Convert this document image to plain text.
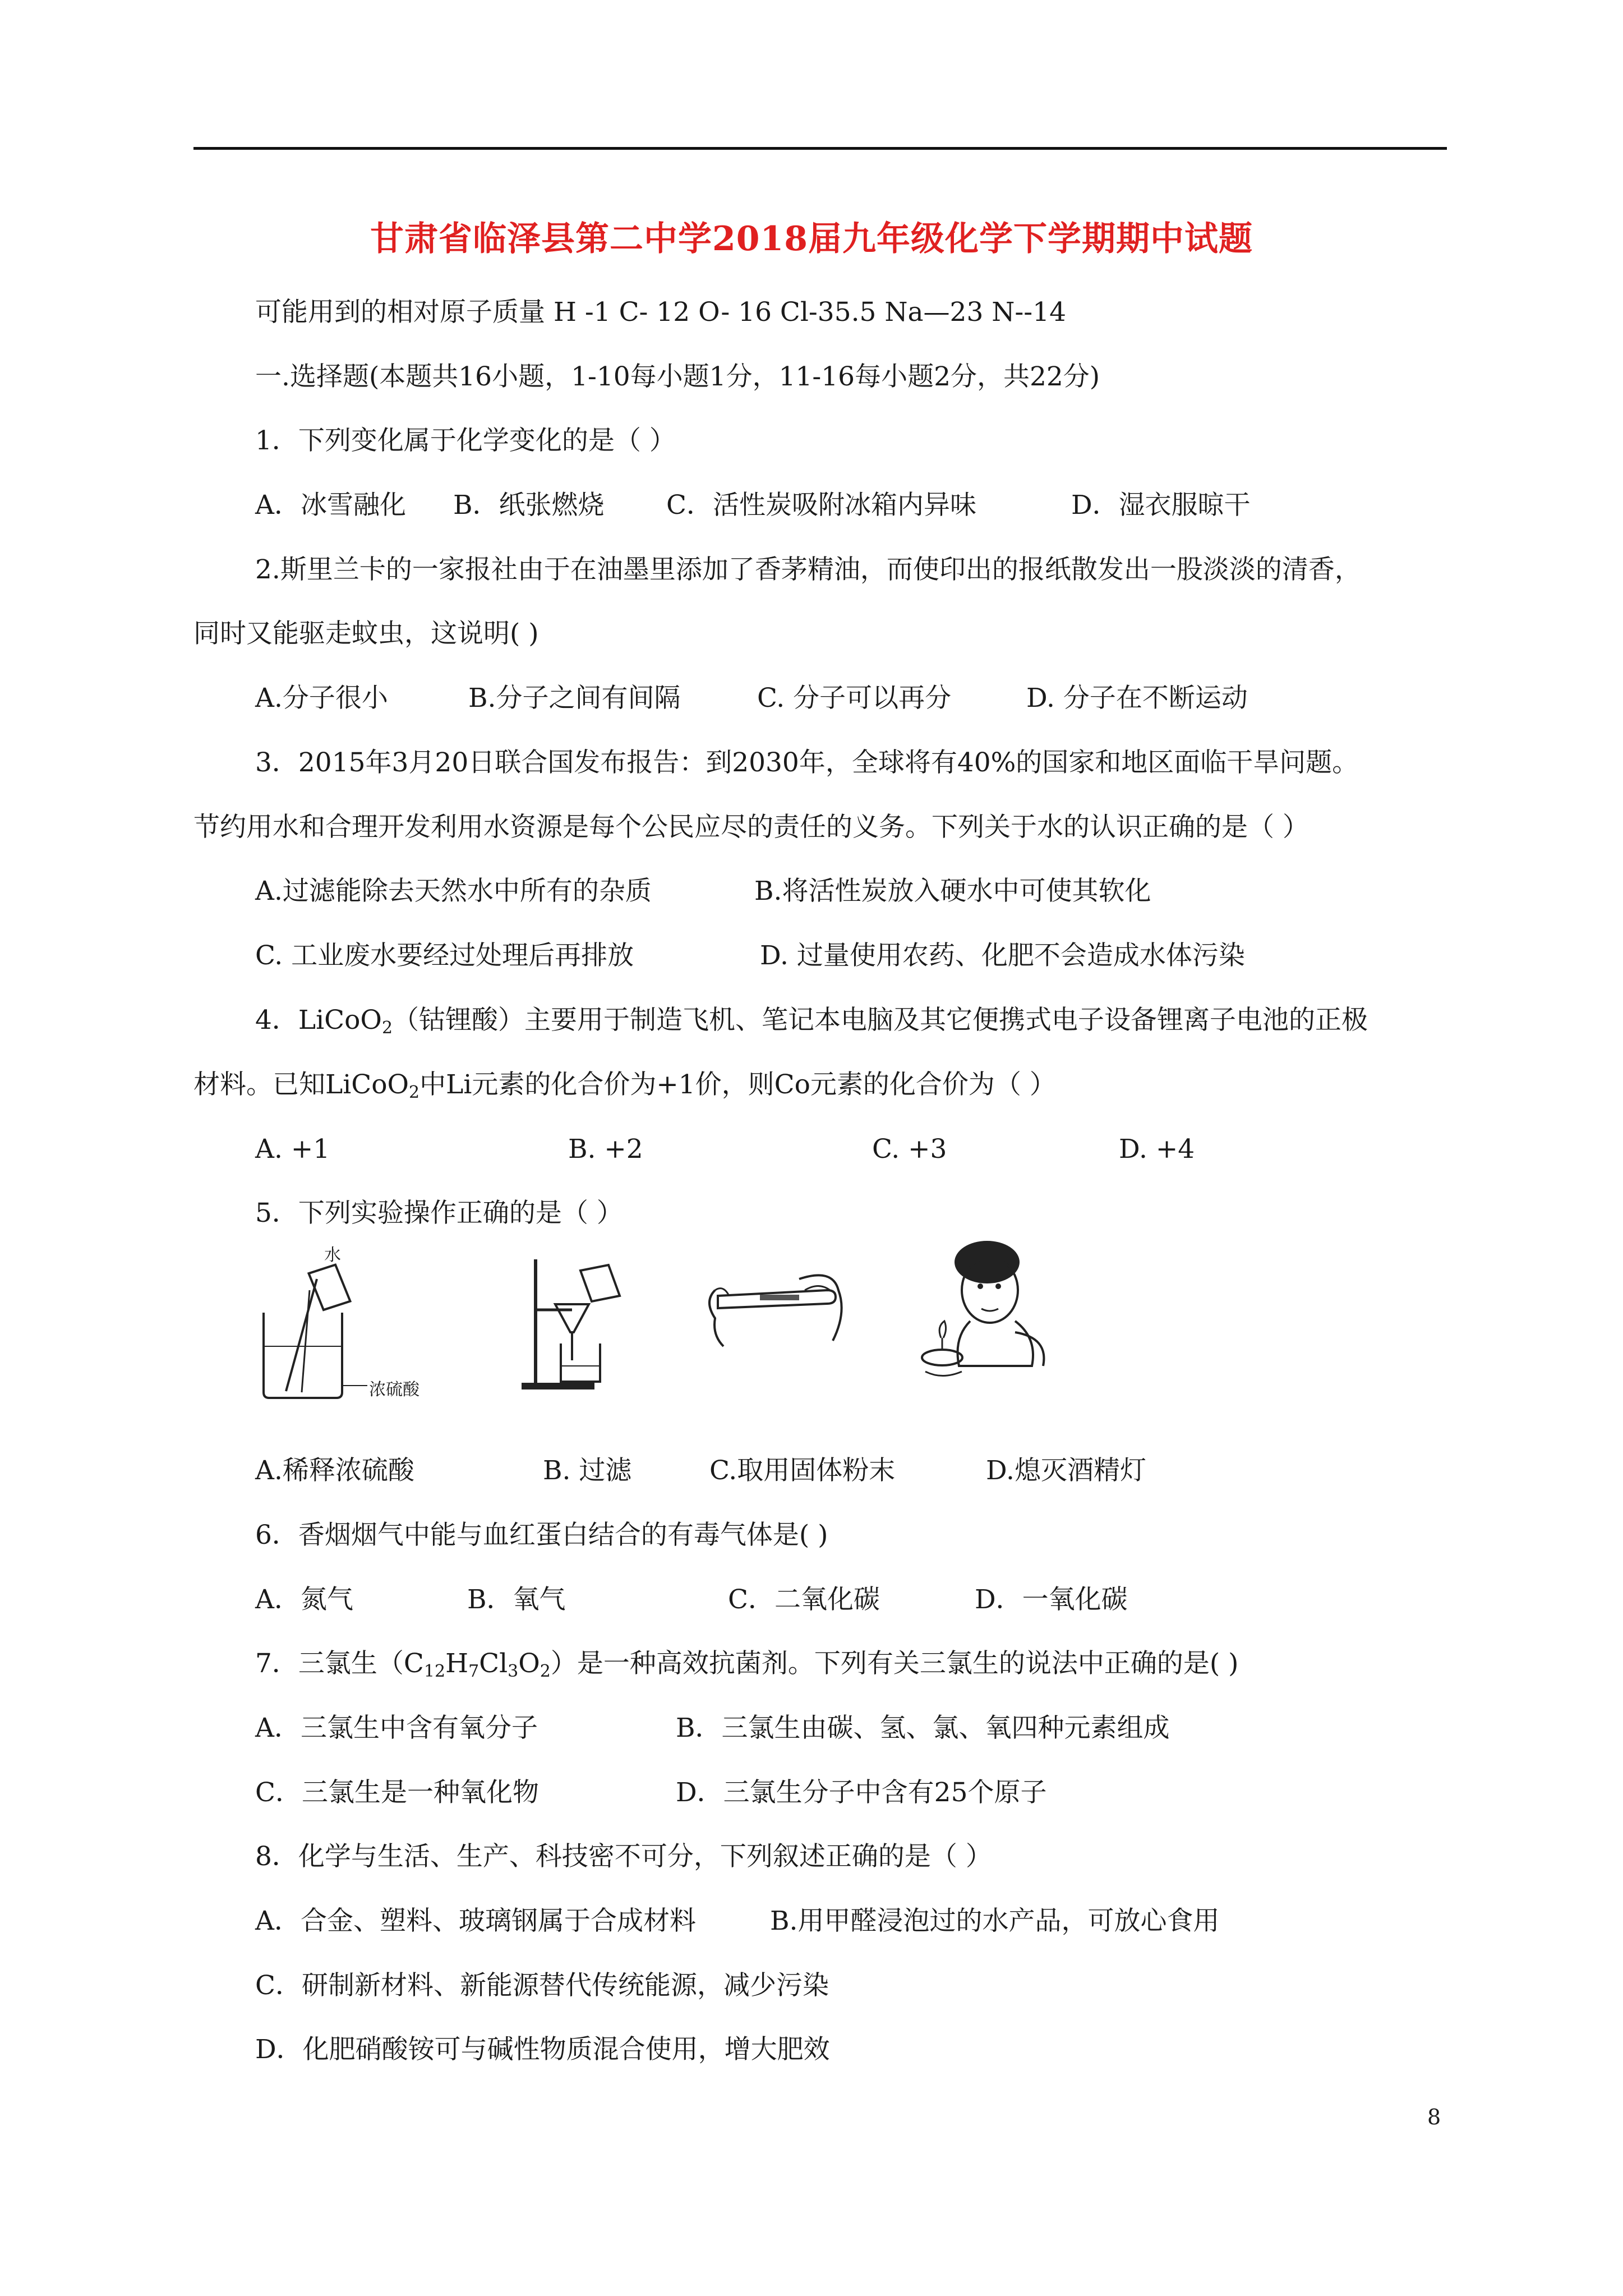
甘肃省临泽县第二中学2018届九年级化学下学期期中试题
可能用到的相对原子质量 H -1 C- 12 O- 16 Cl-35.5 Na—23 N--14
一.选择题(本题共16小题，1-10每小题1分，11-16每小题2分，共22分)
1．下列变化属于化学变化的是（ ）
A．冰雪融化 B．纸张燃烧 C．活性炭吸附冰箱内异味	D．湿衣服晾干
2.斯里兰卡的一家报社由于在油墨里添加了香茅精油，而使印出的报纸散发出一股淡淡的清香，
同时又能驱走蚊虫，这说明( )
A.分子很小	B.分子之间有间隔	C. 分子可以再分	D. 分子在不断运动
3．2015年3月20日联合国发布报告：到2030年，全球将有40%的国家和地区面临干旱问题。
节约用水和合理开发利用水资源是每个公民应尽的责任的义务。下列关于水的认识正确的是（ ）
A.过滤能除去天然水中所有的杂质	B.将活性炭放入硬水中可使其软化
C. 工业废水要经过处理后再排放	D. 过量使用农药、化肥不会造成水体污染
4．LiCoO$_2$（钴锂酸）主要用于制造飞机、笔记本电脑及其它便携式电子设备锂离子电池的正极
材料。已知LiCoO$_2$中Li元素的化合价为+1价，则Co元素的化合价为（ ）
A. +1	B. +2	C. +3	D. +4
5．下列实验操作正确的是（ ）
水
浓硫酸
A.稀释浓硫酸	B. 过滤	C.取用固体粉末	D.熄灭酒精灯
6．香烟烟气中能与血红蛋白结合的有毒气体是( )
A．氮气	B．氧气	C．二氧化碳	D．一氧化碳
7．三氯生$(C_{12}H_7Cl_3O_2)$是一种高效抗菌剂。下列有关三氯生的说法中正确的是( )
A．三氯生中含有氧分子	B．三氯生由碳、氢、氯、氧四种元素组成
C．三氯生是一种氧化物	D．三氯生分子中含有25个原子
8．化学与生活、生产、科技密不可分，下列叙述正确的是（ ）
A．合金、塑料、玻璃钢属于合成材料	B.用甲醛浸泡过的水产品，可放心食用
C．研制新材料、新能源替代传统能源，减少污染
D．化肥硝酸铵可与碱性物质混合使用，增大肥效
8
